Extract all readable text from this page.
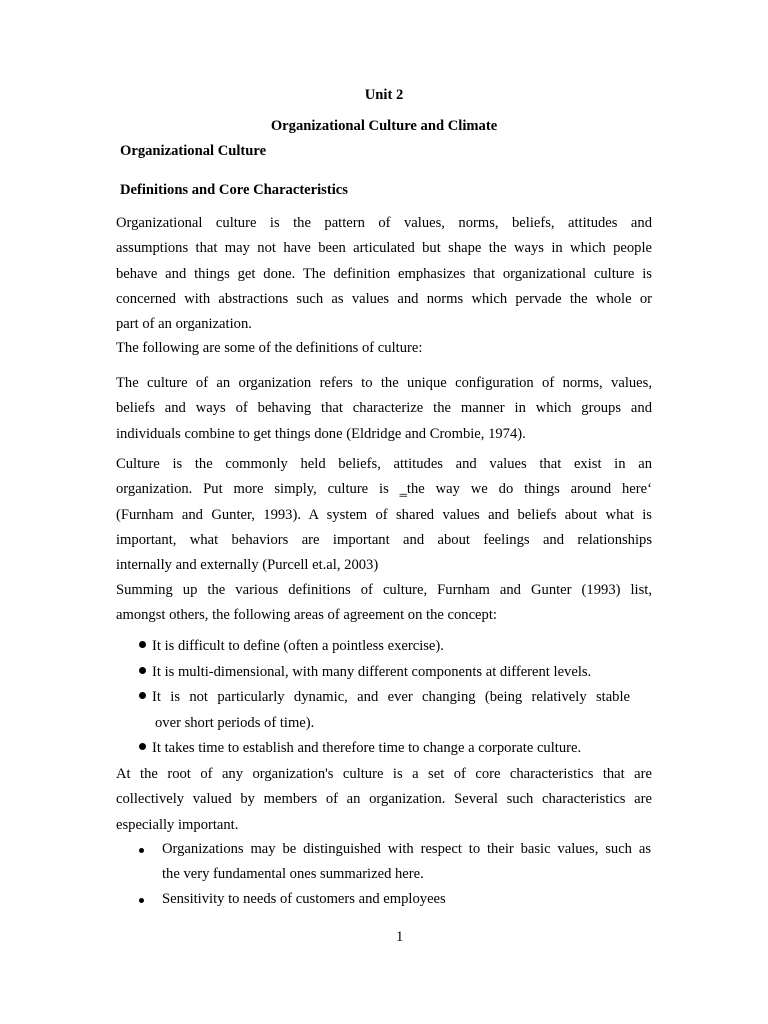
Unit 2
Organizational Culture and Climate
Organizational Culture
Definitions and Core Characteristics
Organizational culture is the pattern of values, norms, beliefs, attitudes and
assumptions that may not have been articulated but shape the ways in which people
behave and things get done. The definition emphasizes that organizational culture is
concerned with abstractions such as values and norms which pervade the whole or
part of an organization.
The following are some of the definitions of culture:
The culture of an organization refers to the unique configuration of norms, values,
beliefs and ways of behaving that characterize the manner in which groups and
individuals combine to get things done (Eldridge and Crombie, 1974).
Culture is the commonly held beliefs, attitudes and values that exist in an
organization. Put more simply, culture is ‗the way we do things around here‘
(Furnham and Gunter, 1993). A system of shared values and beliefs about what is
important, what behaviors are important and about feelings and relationships
internally and externally (Purcell et.al, 2003)
Summing up the various definitions of culture, Furnham and Gunter (1993) list,
amongst others, the following areas of agreement on the concept:
It is difficult to define (often a pointless exercise).
It is multi-dimensional, with many different components at different levels.
It is not particularly dynamic, and ever changing (being relatively stable
over short periods of time).
It takes time to establish and therefore time to change a corporate culture.
At the root of any organization's culture is a set of core characteristics that are
collectively valued by members of an organization. Several such characteristics are
especially important.
Organizations may be distinguished with respect to their basic values, such as
the very fundamental ones summarized here.
Sensitivity to needs of customers and employees
1
